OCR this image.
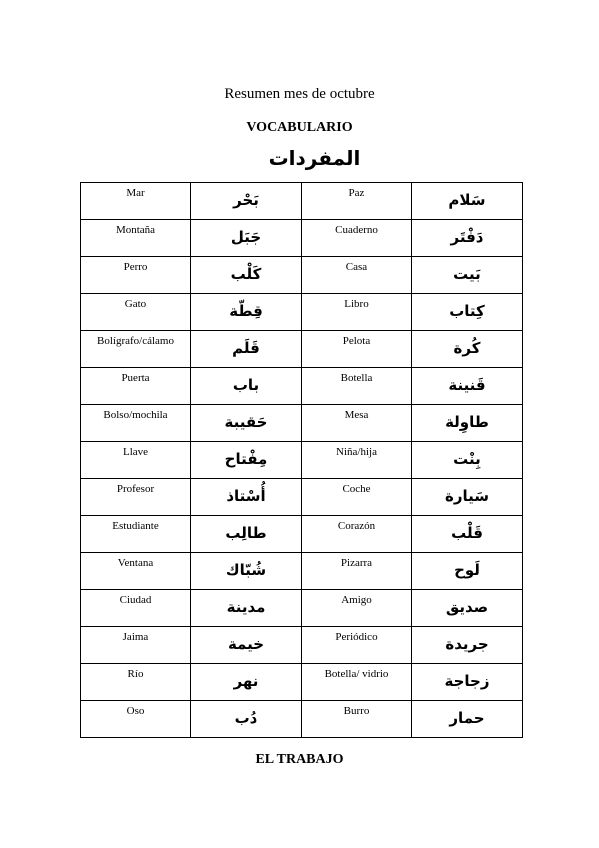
Resumen mes de octubre
VOCABULARIO
المفردات
Mar	بَحْر	Paz	سَلام
Montaña	جَبَل	Cuaderno	دَفْتَر
Perro	كَلْب	Casa	بَيت
Gato	قِطّة	Libro	كِتاب
Bolígrafo/cálamo	قَلَم	Pelota	كُرة
Puerta	باب	Botella	قَنينة
Bolso/mochila	حَقيبة	Mesa	طاوِلة
Llave	مِفْتاح	Niña/hija	بِنْت
Profesor	أُسْتاذ	Coche	سَيارة
Estudiante	طالِب	Corazón	قَلْب
Ventana	شُبّاك	Pizarra	لَوح
Ciudad	مدينة	Amigo	صديق
Jaima	خيمة	Periódico	جريدة
Río	نهر	Botella/ vidrio	زجاجة
Oso	دُب	Burro	حمار
EL TRABAJO
